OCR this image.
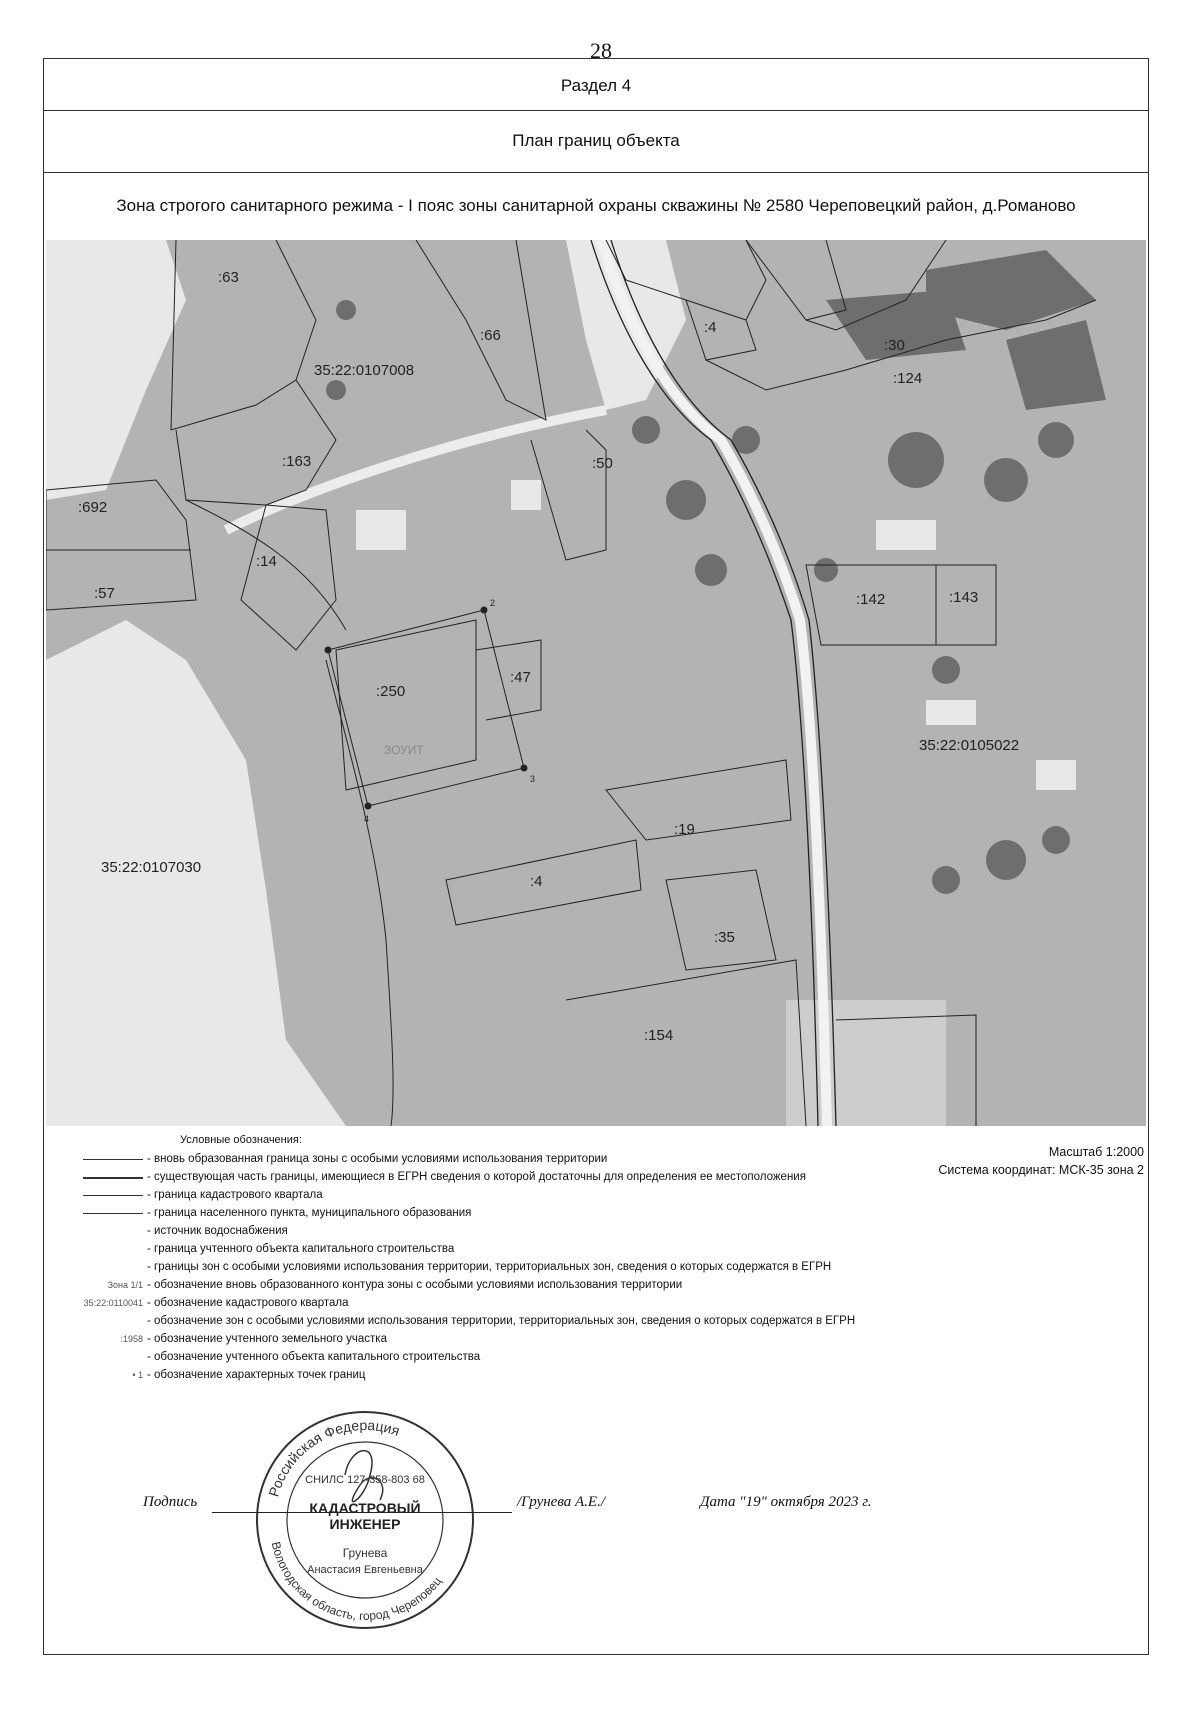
28
Раздел 4
План границ объекта
Зона строгого санитарного режима - I пояс зоны санитарной охраны скважины № 2580 Череповецкий район, д.Романово
35:22:0107008
35:22:0105022
35:22:0107030
:63
:66	:4
:30
:124
:163	:50
:692
:14
:57	:142	:143
:250
:47
:19
:4
:35
:154
ЗОУИТ
2
3
4
Условные обозначения:
Масштаб 1:2000
Система координат: МСК-35 зона 2
- вновь образованная граница зоны с особыми условиями использования территории
- существующая часть границы, имеющиеся в ЕГРН сведения о которой достаточны для определения ее местоположения
- граница кадастрового квартала
- граница населенного пункта, муниципального образования
- источник водоснабжения
- граница учтенного объекта капитального строительства
- границы зон с особыми условиями использования территории, территориальных зон, сведения о которых содержатся в ЕГРН
Зона 1/1 - обозначение вновь образованного контура зоны с особыми условиями использования территории
35:22:0110041 - обозначение кадастрового квартала
- обозначение зон с особыми условиями использования территории, территориальных зон, сведения о которых содержатся в ЕГРН
:1958 - обозначение учтенного земельного участка
- обозначение учтенного объекта капитального строительства
• 1 - обозначение характерных точек границ
Российская Федерация
Вологодская область, город Череповец
СНИЛС 127-358-803 68
КАДАСТРОВЫЙ
ИНЖЕНЕР
Грунева
Анастасия Евгеньевна
Подпись	/Грунева А.Е./	Дата "19" октября 2023 г.
